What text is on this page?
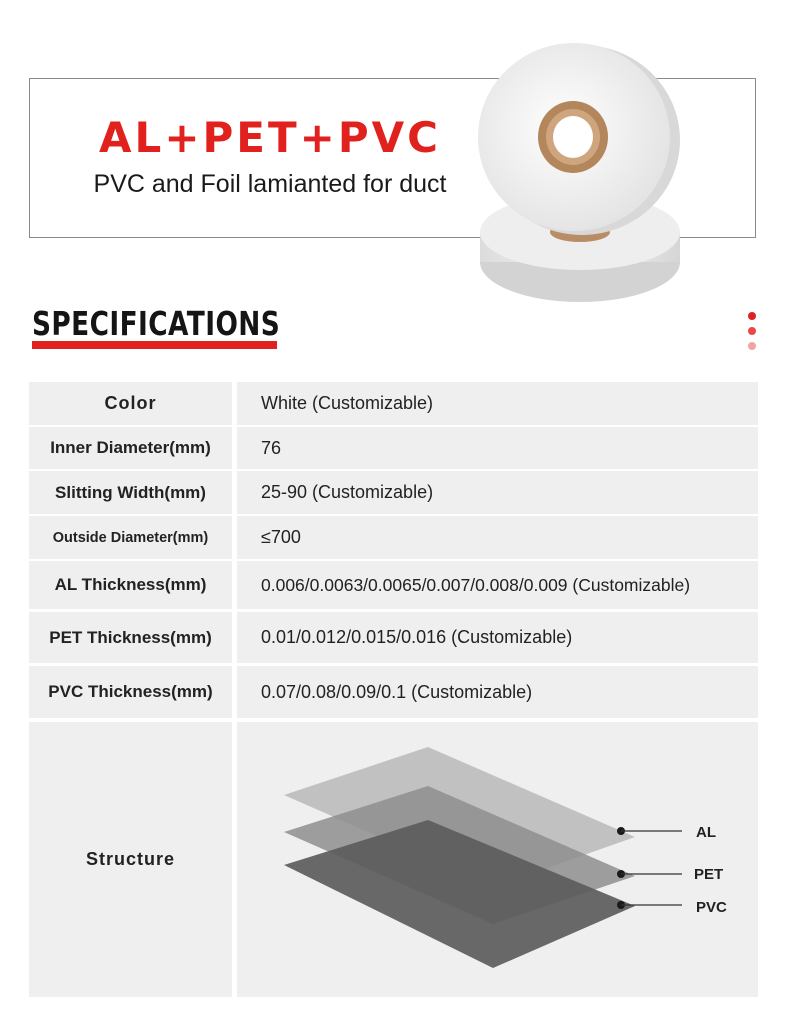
AL+PET+PVC
PVC and Foil lamianted for duct
SPECIFICATIONS
Color	White (Customizable)
Inner Diameter(mm)	76
Slitting Width(mm)	25-90 (Customizable)
Outside Diameter(mm)	≤700
AL Thickness(mm)	0.006/0.0063/0.0065/0.007/0.008/0.009 (Customizable)
PET Thickness(mm)	0.01/0.012/0.015/0.016 (Customizable)
PVC Thickness(mm)	0.07/0.08/0.09/0.1 (Customizable)
Structure
AL
PET
PVC
